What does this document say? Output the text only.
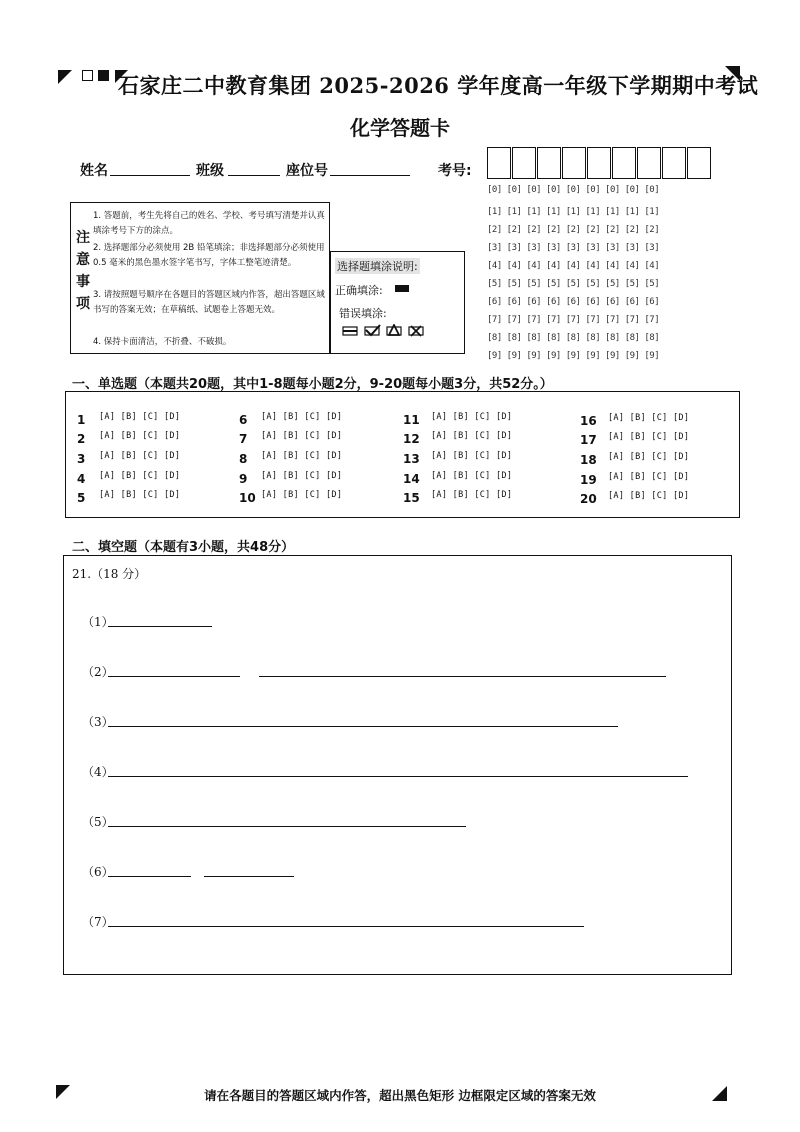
石家庄二中教育集团 2025-2026 学年度高一年级下学期期中考试
化学答题卡
姓名	班级	座位号	考号:
[0] [0] [0] [0] [0] [0] [0] [0] [0]
[1] [1] [1] [1] [1] [1] [1] [1] [1]
[2] [2] [2] [2] [2] [2] [2] [2] [2]
[3] [3] [3] [3] [3] [3] [3] [3] [3]
[4] [4] [4] [4] [4] [4] [4] [4] [4]
[5] [5] [5] [5] [5] [5] [5] [5] [5]
[6] [6] [6] [6] [6] [6] [6] [6] [6]
[7] [7] [7] [7] [7] [7] [7] [7] [7]
[8] [8] [8] [8] [8] [8] [8] [8] [8]
[9] [9] [9] [9] [9] [9] [9] [9] [9]
注
意
事
项
1. 答题前，考生先将自己的姓名、学校、考号填写清楚并认真填涂考号下方的涂点。
2. 选择题部分必须使用 2B 铅笔填涂；非选择题部分必须使用 0.5 毫米的黑色墨水签字笔书写，字体工整笔迹清楚。
3. 请按照题号顺序在各题目的答题区域内作答，超出答题区域书写的答案无效；在草稿纸、试题卷上答题无效。
4. 保持卡面清洁，不折叠、不破损。
选择题填涂说明:
正确填涂:
错误填涂:
一、单选题（本题共20题，其中1-8题每小题2分，9-20题每小题3分，共52分。）
1 [A] [B] [C] [D]
2 [A] [B] [C] [D]
3 [A] [B] [C] [D]
4 [A] [B] [C] [D]
5 [A] [B] [C] [D]
6 [A] [B] [C] [D]
7 [A] [B] [C] [D]
8 [A] [B] [C] [D]
9 [A] [B] [C] [D]
10 [A] [B] [C] [D]
11 [A] [B] [C] [D]
12 [A] [B] [C] [D]
13 [A] [B] [C] [D]
14 [A] [B] [C] [D]
15 [A] [B] [C] [D]
16 [A] [B] [C] [D]
17 [A] [B] [C] [D]
18 [A] [B] [C] [D]
19 [A] [B] [C] [D]
20 [A] [B] [C] [D]
二、填空题（本题有3小题，共48分）
21.（18 分）
（1）
（2）
（3）
（4）
（5）
（6）
（7）
请在各题目的答题区域内作答，超出黑色矩形 边框限定区域的答案无效
